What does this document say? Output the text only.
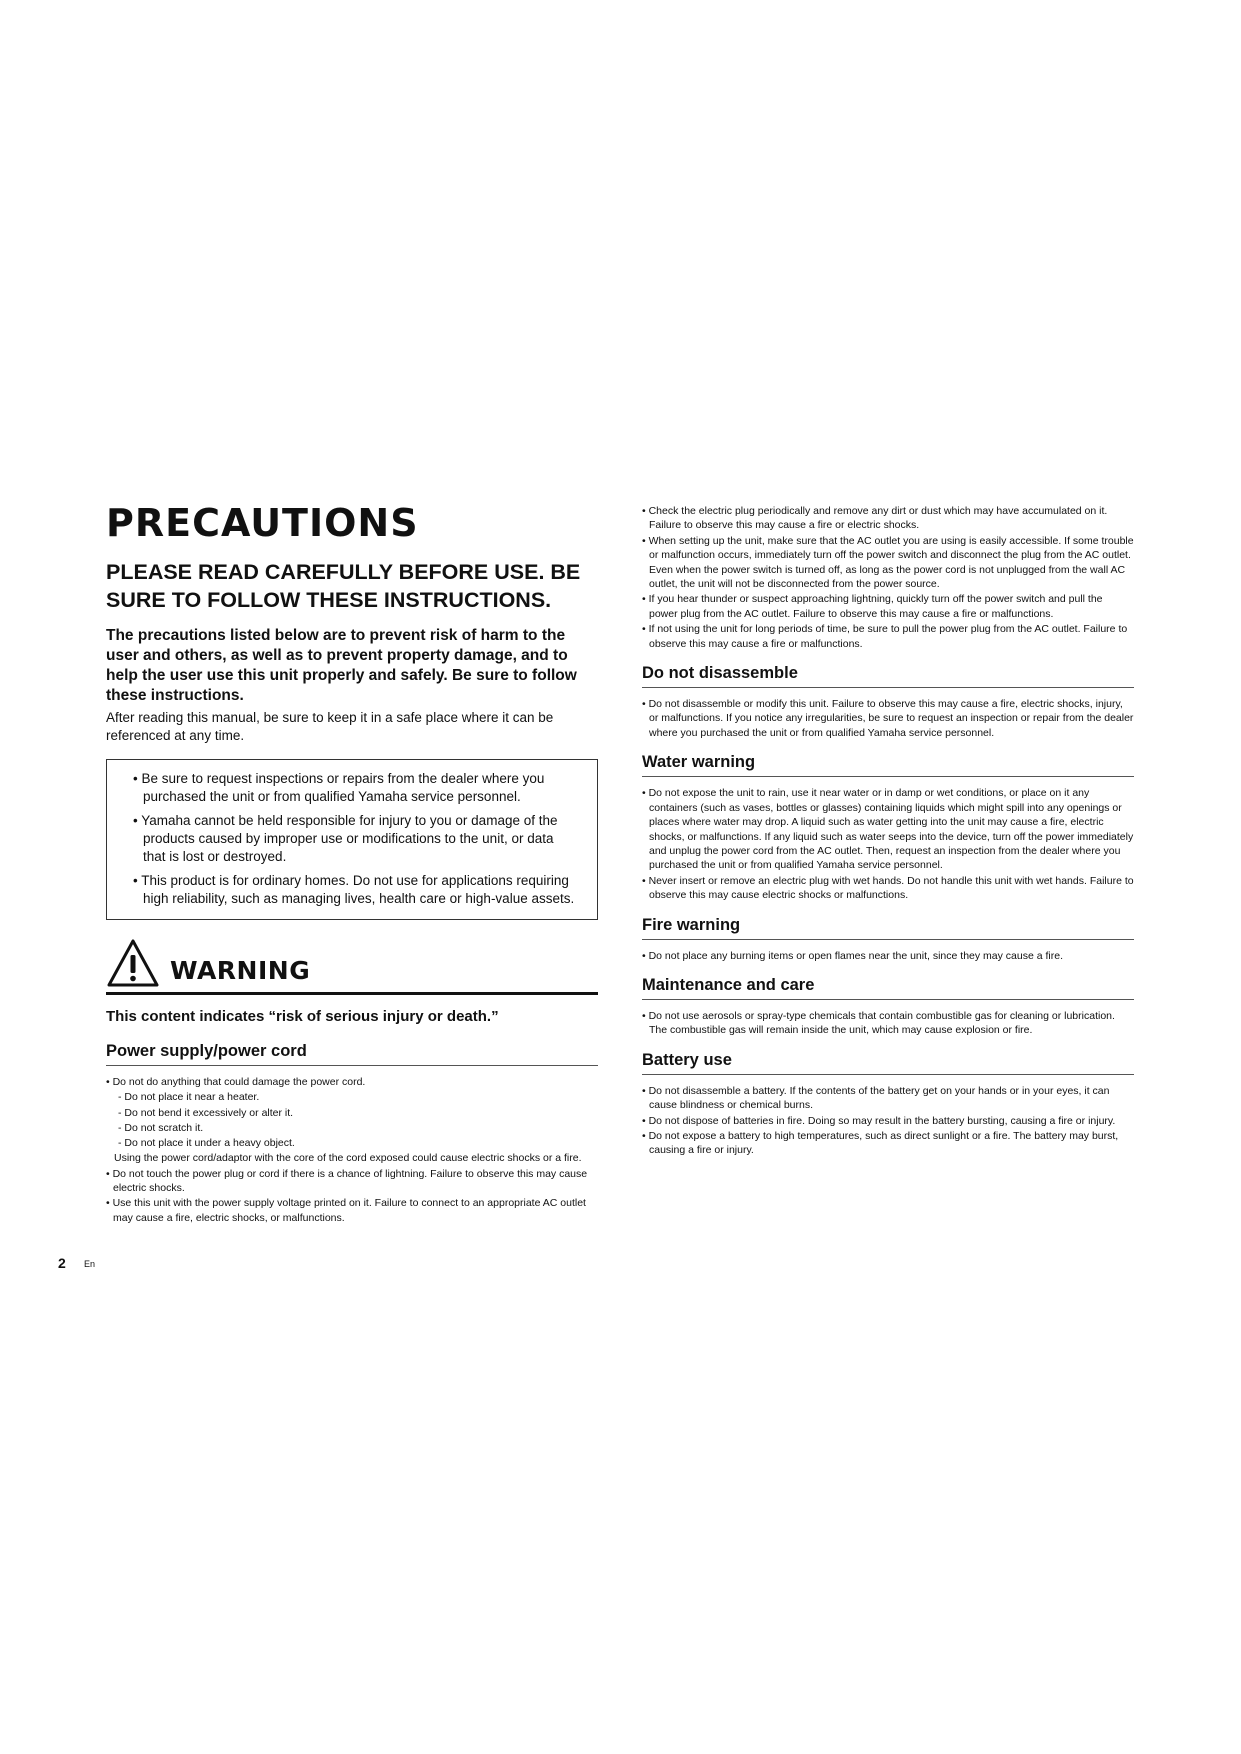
PRECAUTIONS
PLEASE READ CAREFULLY BEFORE USE. BE SURE TO FOLLOW THESE INSTRUCTIONS.

The precautions listed below are to prevent risk of harm to the user and others, as well as to prevent property damage, and to help the user use this unit properly and safely. Be sure to follow these instructions.

After reading this manual, be sure to keep it in a safe place where it can be referenced at any time.

• Be sure to request inspections or repairs from the dealer where you purchased the unit or from qualified Yamaha service personnel.

• Yamaha cannot be held responsible for injury to you or damage of the products caused by improper use or modifications to the unit, or data that is lost or destroyed.

• This product is for ordinary homes. Do not use for applications requiring high reliability, such as managing lives, health care or high-value assets.

WARNING

This content indicates “risk of serious injury or death.”

Power supply/power cord

• Do not do anything that could damage the power cord.

- Do not place it near a heater.

- Do not bend it excessively or alter it.

- Do not scratch it.

- Do not place it under a heavy object.

Using the power cord/adaptor with the core of the cord exposed could cause electric shocks or a fire.

• Do not touch the power plug or cord if there is a chance of lightning. Failure to observe this may cause electric shocks.

• Use this unit with the power supply voltage printed on it. Failure to connect to an appropriate AC outlet may cause a fire, electric shocks, or malfunctions.

• Check the electric plug periodically and remove any dirt or dust which may have accumulated on it. Failure to observe this may cause a fire or electric shocks.

• When setting up the unit, make sure that the AC outlet you are using is easily accessible. If some trouble or malfunction occurs, immediately turn off the power switch and disconnect the plug from the AC outlet. Even when the power switch is turned off, as long as the power cord is not unplugged from the wall AC outlet, the unit will not be disconnected from the power source.

• If you hear thunder or suspect approaching lightning, quickly turn off the power switch and pull the power plug from the AC outlet. Failure to observe this may cause a fire or malfunctions.

• If not using the unit for long periods of time, be sure to pull the power plug from the AC outlet. Failure to observe this may cause a fire or malfunctions.

Do not disassemble

• Do not disassemble or modify this unit. Failure to observe this may cause a fire, electric shocks, injury, or malfunctions. If you notice any irregularities, be sure to request an inspection or repair from the dealer where you purchased the unit or from qualified Yamaha service personnel.

Water warning

• Do not expose the unit to rain, use it near water or in damp or wet conditions, or place on it any containers (such as vases, bottles or glasses) containing liquids which might spill into any openings or places where water may drop. A liquid such as water getting into the unit may cause a fire, electric shocks, or malfunctions. If any liquid such as water seeps into the device, turn off the power immediately and unplug the power cord from the AC outlet. Then, request an inspection from the dealer where you purchased the unit or from qualified Yamaha service personnel.

• Never insert or remove an electric plug with wet hands. Do not handle this unit with wet hands. Failure to observe this may cause electric shocks or malfunctions.

Fire warning

• Do not place any burning items or open flames near the unit, since they may cause a fire.

Maintenance and care

• Do not use aerosols or spray-type chemicals that contain combustible gas for cleaning or lubrication. The combustible gas will remain inside the unit, which may cause explosion or fire.

Battery use

• Do not disassemble a battery. If the contents of the battery get on your hands or in your eyes, it can cause blindness or chemical burns.

• Do not dispose of batteries in fire. Doing so may result in the battery bursting, causing a fire or injury.

• Do not expose a battery to high temperatures, such as direct sunlight or a fire. The battery may burst, causing a fire or injury.

2 En
